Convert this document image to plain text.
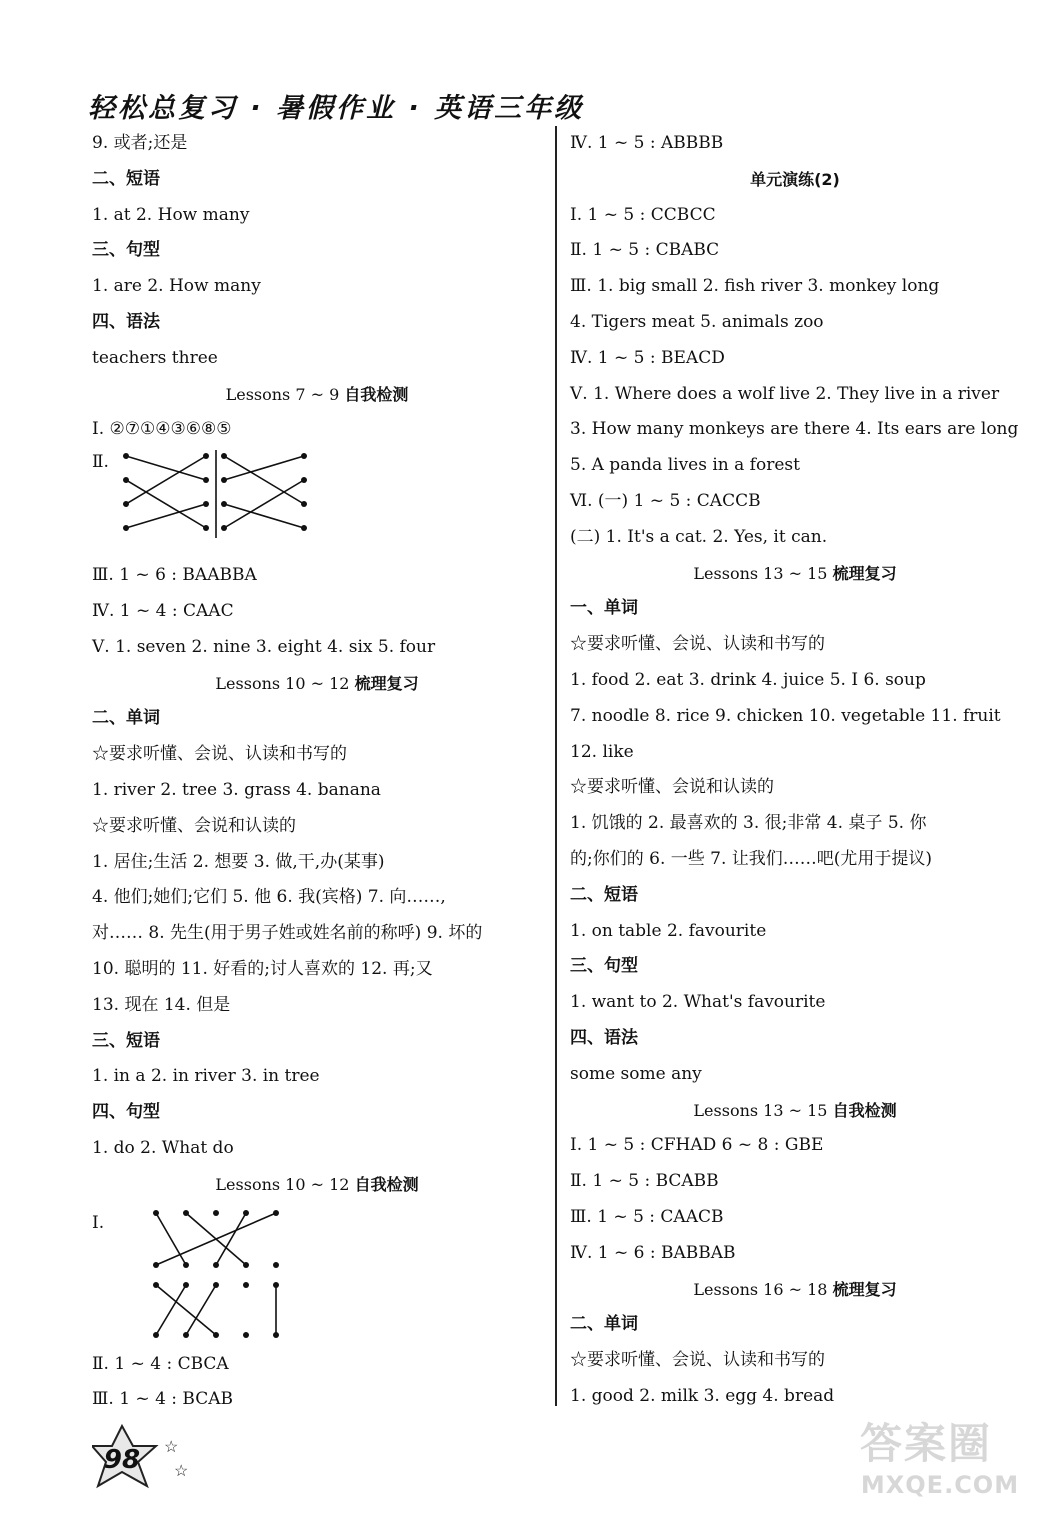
轻松总复习 · 暑假作业 · 英语三年级
9. 或者;还是
二、短语
1. at 2. How many
三、句型
1. are 2. How many
四、语法
teachers three
Lessons 7 ~ 9 自我检测
Ⅰ. ②⑦①④③⑥⑧⑤
Ⅱ.
Ⅲ. 1 ~ 6 : BAABBA
Ⅳ. 1 ~ 4 : CAAC
Ⅴ. 1. seven 2. nine 3. eight 4. six 5. four
Lessons 10 ~ 12 梳理复习
二、单词
☆要求听懂、会说、认读和书写的
1. river 2. tree 3. grass 4. banana
☆要求听懂、会说和认读的
1. 居住;生活 2. 想要 3. 做,干,办(某事)
4. 他们;她们;它们 5. 他 6. 我(宾格) 7. 向……,
对…… 8. 先生(用于男子姓或姓名前的称呼) 9. 坏的
10. 聪明的 11. 好看的;讨人喜欢的 12. 再;又
13. 现在 14. 但是
三、短语
1. in a 2. in river 3. in tree
四、句型
1. do 2. What do
Lessons 10 ~ 12 自我检测
Ⅰ.
Ⅱ. 1 ~ 4 : CBCA
Ⅲ. 1 ~ 4 : BCAB
Ⅳ. 1 ~ 5 : ABBBB
单元演练(2)
Ⅰ. 1 ~ 5 : CCBCC
Ⅱ. 1 ~ 5 : CBABC
Ⅲ. 1. big small 2. fish river 3. monkey long
4. Tigers meat 5. animals zoo
Ⅳ. 1 ~ 5 : BEACD
Ⅴ. 1. Where does a wolf live 2. They live in a river
3. How many monkeys are there 4. Its ears are long
5. A panda lives in a forest
Ⅵ. (一) 1 ~ 5 : CACCB
(二) 1. It's a cat. 2. Yes, it can.
Lessons 13 ~ 15 梳理复习
一、单词
☆要求听懂、会说、认读和书写的
1. food 2. eat 3. drink 4. juice 5. I 6. soup
7. noodle 8. rice 9. chicken 10. vegetable 11. fruit
12. like
☆要求听懂、会说和认读的
1. 饥饿的 2. 最喜欢的 3. 很;非常 4. 桌子 5. 你
的;你们的 6. 一些 7. 让我们……吧(尤用于提议)
二、短语
1. on table 2. favourite
三、句型
1. want to 2. What's favourite
四、语法
some some any
Lessons 13 ~ 15 自我检测
Ⅰ. 1 ~ 5 : CFHAD 6 ~ 8 : GBE
Ⅱ. 1 ~ 5 : BCABB
Ⅲ. 1 ~ 5 : CAACB
Ⅳ. 1 ~ 6 : BABBAB
Lessons 16 ~ 18 梳理复习
二、单词
☆要求听懂、会说、认读和书写的
1. good 2. milk 3. egg 4. bread
98 ☆
☆
答案圈
MXQE.COM
